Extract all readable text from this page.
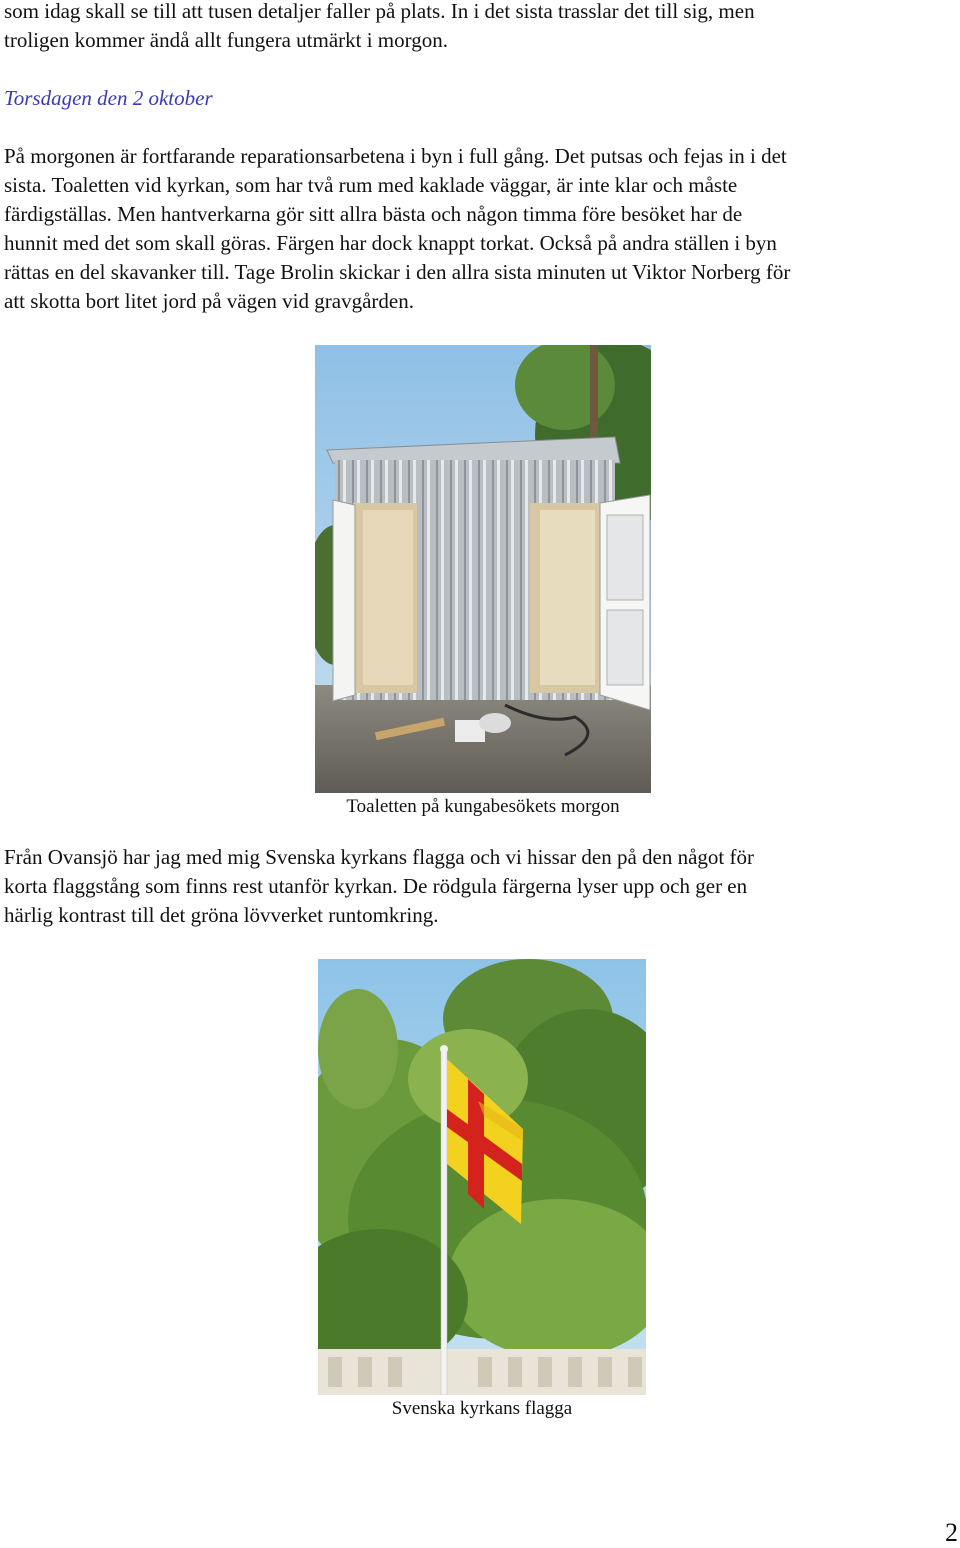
som idag skall se till att tusen detaljer faller på plats. In i det sista trasslar det till sig, men
troligen kommer ändå allt fungera utmärkt i morgon.
Torsdagen den 2 oktober
På morgonen är fortfarande reparationsarbetena i byn i full gång. Det putsas och fejas in i det
sista. Toaletten vid kyrkan, som har två rum med kaklade väggar, är inte klar och måste
färdigställas. Men hantverkarna gör sitt allra bästa och någon timma före besöket har de
hunnit med det som skall göras. Färgen har dock knappt torkat. Också på andra ställen i byn
rättas en del skavanker till. Tage Brolin skickar i den allra sista minuten ut Viktor Norberg för
att skotta bort litet jord på vägen vid gravgården.
Toaletten på kungabesökets morgon
Från Ovansjö har jag med mig Svenska kyrkans flagga och vi hissar den på den något för
korta flaggstång som finns rest utanför kyrkan. De rödgula färgerna lyser upp och ger en
härlig kontrast till det gröna lövverket runtomkring.
Svenska kyrkans flagga
2
